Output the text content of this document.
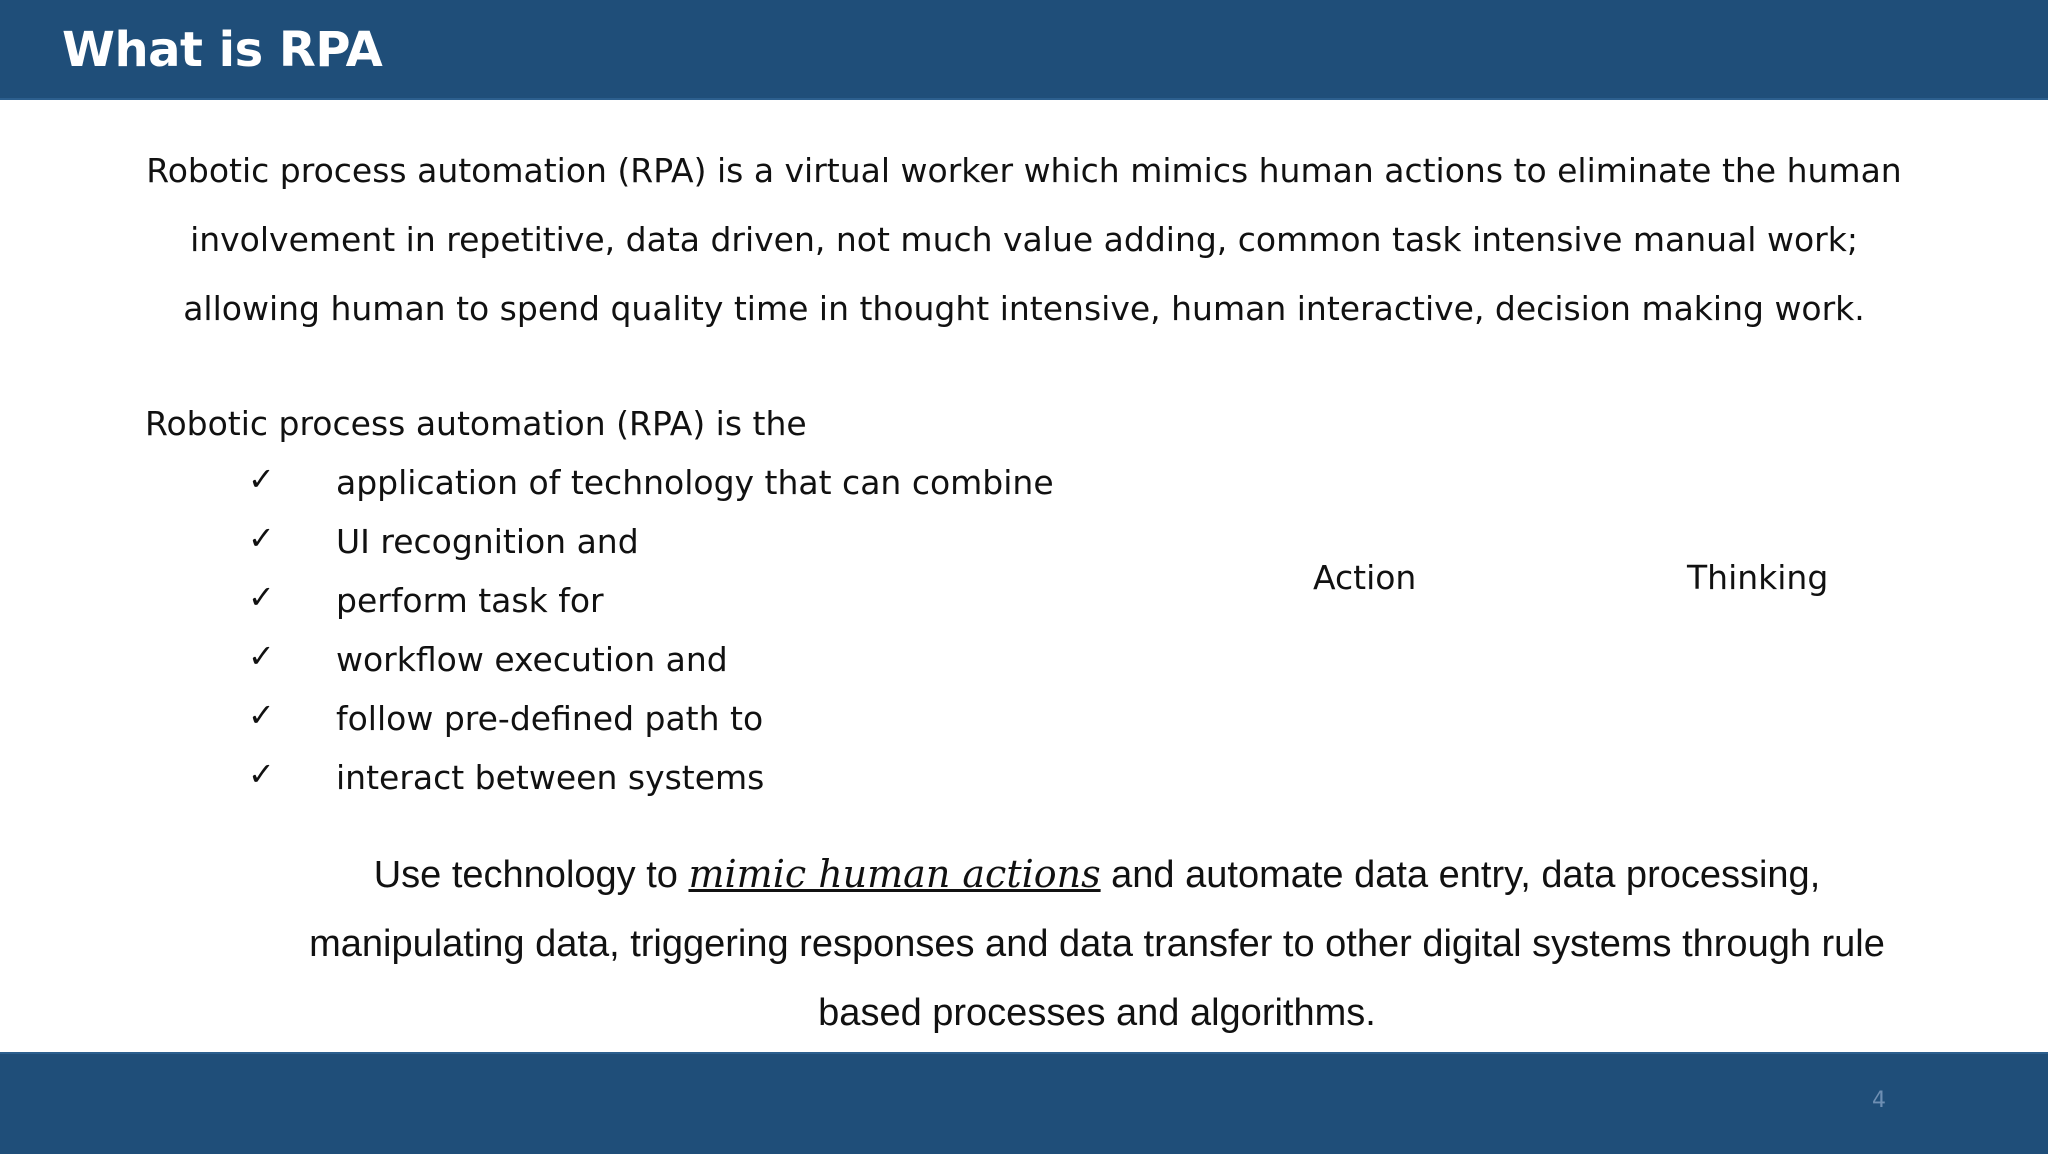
What is RPA
Robotic process automation (RPA) is a virtual worker which mimics human actions to eliminate the human involvement in repetitive, data driven, not much value adding, common task intensive manual work; allowing human to spend quality time in thought intensive, human interactive, decision making work.
Robotic process automation (RPA) is the
✓ application of technology that can combine
✓ UI recognition and
✓ perform task for
✓ workflow execution and
✓ follow pre-defined path to
✓ interact between systems
Action	Thinking
Use technology to mimic human actions and automate data entry, data processing, manipulating data, triggering responses and data transfer to other digital systems through rule based processes and algorithms.
4
